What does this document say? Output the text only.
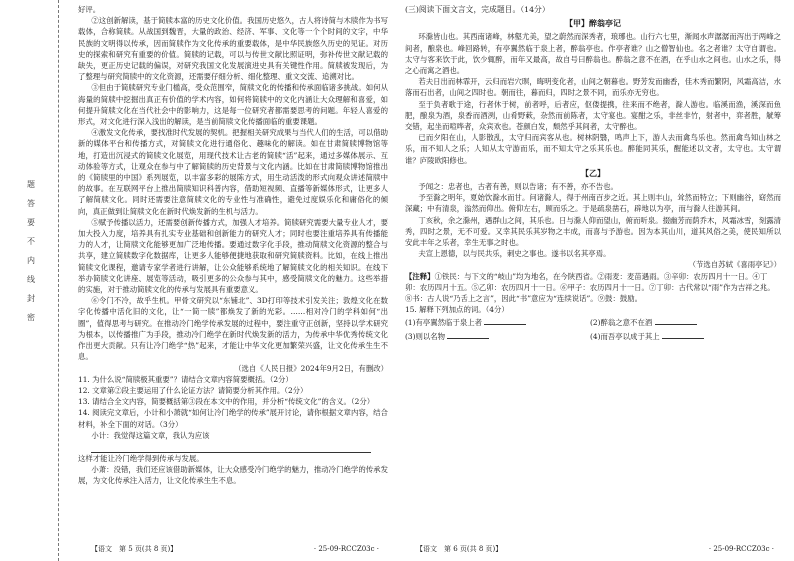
题
答
要
不
内
线
封
密

好评。

②这创新解读，基于简牍本富的历史文化价值。我国历史悠久，古人将诗简与木牍作为书写载体，合称简牍。从战国到魏晋，大量的政治、经济、军事、文化等一个个时间的文字，中华民族的文明得以传承，因而简牍作为文化传承的重要载体，是中华民族悠久历史的见证。对历史的探索和研究有重要的价值。简牍的记载，可以与传世文献比照证明，弥补传世文献记载的缺失，更正历史记载的偏误，对研究我国文化发展演进史具有关键性作用。简牍被发现后，为了整理与研究简牍中的文化资源，还需要仔细分析、细化整理、重文交流、追溯对比。

③但由于简牍研究专业门槛高，受众范围窄，简牍文化的传播和传承面临诸多挑战。如何从海量的简牍中挖掘出真正有价值的学术内容，如何将简牍中的文化内涵让大众理解和喜爱，如何提升简牍文化在当代社会中的影响力，这是每一位研究者都需要思考的问题。年轻人喜爱的形式，对文化进行深入浅出的解读，是当前简牍文化传播面临的重要课题。

④激发文化传承，要找准时代发展的契机。把握相关研究成果与当代人们的生活，可以借助新的媒体平台和传播方式，对简牍文化进行通俗化、趣味化的解读。如在甘肃简牍博物馆等地，打造出沉浸式的简牍文化展览，用现代技术让古老的简牍“活”起来，通过多媒体展示、互动体验等方式，让观众在参与中了解简牍的历史背景与文化内涵。比如在甘肃简牍博物馆推出的《简牍里的中国》系列展览，以丰富多彩的展陈方式，用生动活泼的形式向观众讲述简牍中的故事。在互联网平台上推出简牍知识科普内容，借助短视频、直播等新媒体形式，让更多人了解简牍文化。同时还需要注意简牍文化的专业性与准确性，避免过度娱乐化和庸俗化的倾向，真正做到让简牍文化在新时代焕发新的生机与活力。

⑤赋予传播以活力，还需要创新传播方式，加强人才培养。简牍研究需要大量专业人才，要加大投入力度，培养具有扎实专业基础和创新能力的研究人才；同时也要注重培养具有传播能力的人才，让简牍文化能够更加广泛地传播。要通过数字化手段，推动简牍文化资源的整合与共享，建立简牍数字化数据库，让更多人能够便捷地获取和研究简牍资料。比如，在线上推出简牍文化课程，邀请专家学者进行讲解，让公众能够系统地了解简牍文化的相关知识。在线下举办简牍文化讲座、展览等活动，吸引更多的公众参与其中，感受简牍文化的魅力。这些举措的实施，对于推动简牍文化的传承与发展具有重要意义。

⑥令门不冷，故乎生机。甲骨文研究以“东铺北”、3D打印等技术引发关注；敦煌文化在数字化传播中活化旧的文化，让“一简一牍”都焕发了新的光彩。……相对冷门的学科如何“出圈”，值得思考与研究。在推动冷门绝学传承发展的过程中，要注重守正创新，坚持以学术研究为根本，以传播推广为手段，推动冷门绝学在新时代焕发新的活力，为传承中华优秀传统文化作出更大贡献。只有让冷门绝学“热”起来，才能让中华文化更加繁荣兴盛，让文化传承生生不息。

（选自《人民日报》2024年9月2日，有删改）

11. 为什么说“简牍极其重要”？请结合文章内容简要概括。（2分）

12. 文章第②段主要运用了什么论证方法？请简要分析其作用。（2分）

13. 请结合全文内容，简要概括第③段在本文中的作用，并分析“传统文化”的含义。（2分）

14. 阅读完文章后，小计和小萧就“如何让冷门绝学的传承”展开讨论，请你根据文章内容，结合材料，补全下面的对话。（3分）

小计：我觉得这篇文章，我认为应该

这样才能让冷门绝学得到传承与发展。

小萧：没错，我们还应该借助新媒体，让大众感受冷门绝学的魅力，推动冷门绝学的传承发展，为文化传承注入活力，让文化传承生生不息。

(三)阅读下面文言文，完成题目。（14分）

【甲】醉翁亭记

环滁皆山也。其西南诸峰，林壑尤美，望之蔚然而深秀者，琅琊也。山行六七里，渐闻水声潺潺而泻出于两峰之间者，酿泉也。峰回路转，有亭翼然临于泉上者，醉翁亭也。作亭者谁？山之僧智仙也。名之者谁？太守自谓也。太守与客来饮于此，饮少辄醉，而年又最高，故自号曰醉翁也。醉翁之意不在酒，在乎山水之间也。山水之乐，得之心而寓之酒也。

若夫日出而林霏开，云归而岩穴暝，晦明变化者，山间之朝暮也。野芳发而幽香，佳木秀而繁阴，风霜高洁，水落而石出者，山间之四时也。朝而往，暮而归，四时之景不同，而乐亦无穷也。

至于负者歌于途，行者休于树，前者呼，后者应，伛偻提携，往来而不绝者，滁人游也。临溪而渔，溪深而鱼肥，酿泉为酒，泉香而酒洌，山肴野蔌，杂然而前陈者，太守宴也。宴酣之乐，非丝非竹，射者中，弈者胜，觥筹交错，起坐而喧哗者，众宾欢也。苍颜白发，颓然乎其间者，太守醉也。

已而夕阳在山，人影散乱，太守归而宾客从也。树林阴翳，鸣声上下，游人去而禽鸟乐也。然而禽鸟知山林之乐，而不知人之乐；人知从太守游而乐，而不知太守之乐其乐也。醉能同其乐，醒能述以文者，太守也。太守谓谁？庐陵欧阳修也。

【乙】

予闻之：忠者也，古者有善，则以告诸；有不善，亦不告也。

予至滁之明年，夏始饮滁水而甘。问诸滁人，得于州南百步之近。其上则丰山，耸然而特立；下则幽谷，窈然而深藏；中有清泉，滃然而仰出。俯仰左右，顾而乐之。于是疏泉凿石，辟地以为亭，而与滁人往游其间。

丁亥秋，余之滁州，遇群山之间，其乐也。日与滁人仰而望山，俯而听泉。掇幽芳而荫乔木，风霜冰雪，刻露清秀，四时之景，无不可爱。又幸其民乐其岁物之丰成，而喜与予游也。因为本其山川，道其风俗之美，使民知所以安此丰年之乐者，幸生无事之时也。

夫宣上恩德，以与民共乐，刺史之事也。遂书以名其亭焉。

（节选自苏轼《喜雨亭记》）

【注释】①铁民：与下文的“岐山”均为地名，在今陕西省。②雨麦：麦苗遇雨。③辛卯：农历四月十一日。④丁卯：农历四月十五。⑤乙卯：农历四月十一日。⑥甲子：农历四月十一日。⑦丁卯：古代常以“雨”作为吉祥之兆。⑧书：古人说“乃舌上之言”，因此“书”意应为“连续说话”。⑨鼓：鼓励。

15. 解释下列加点的词。（4分）

(1)有亭翼然临于泉上者	(2)醉翁之意不在酒
(3)则以名物	(4)而吾亭以成于其上
【语文　第 5 页(共 8 页)】	· 25-09-RCCZ03c ·	【语文　第 6 页(共 8 页)】	· 25-09-RCCZ03c ·
